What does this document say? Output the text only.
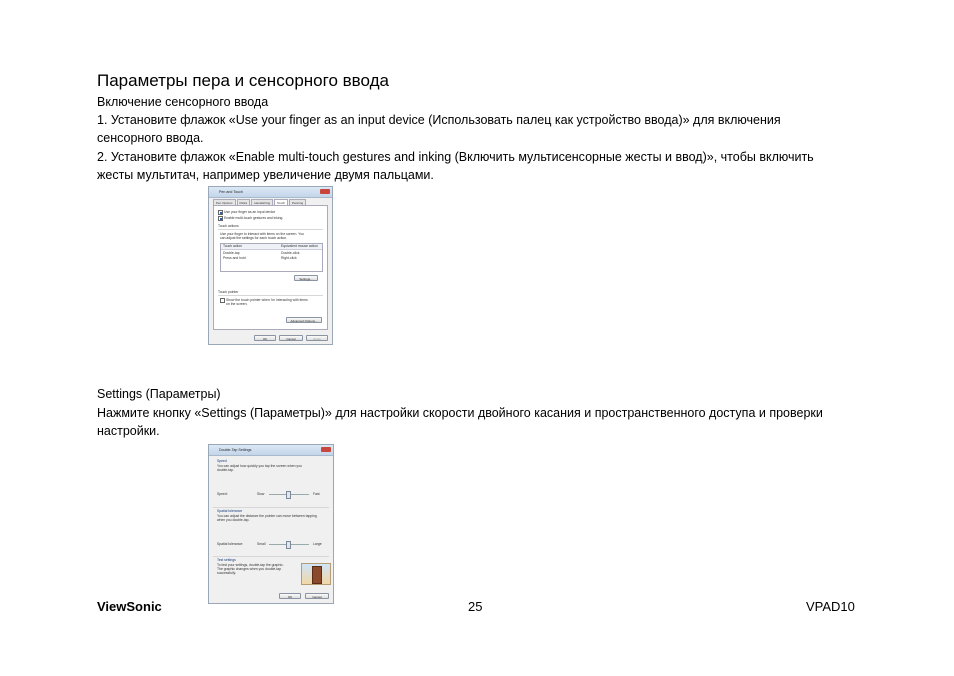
Параметры пера и сенсорного ввода
Включение сенсорного ввода
1. Установите флажок «Use your finger as an input device (Использовать палец как устройство ввода)» для включения
сенсорного ввода.
2. Установите флажок «Enable multi-touch gestures and inking (Включить мультисенсорные жесты и ввод)», чтобы включить
жесты мультитач, например увеличение двумя пальцами.
Pen and Touch
Pen Options	Flicks	Handwriting	Touch	Panning
Use your finger as an input device
Enable multi-touch gestures and inking
Touch actions
Use your finger to interact with items on the screen. You
can adjust the settings for each touch action.
Touch action	Equivalent mouse action
Double-tap	Double-click
Press and hold	Right-click
Settings...
Touch pointer
Show the touch pointer when I'm interacting with items
on the screen.
Advanced Options...
OK	Cancel	Apply
Settings (Параметры)
Нажмите кнопку «Settings (Параметры)» для настройки скорости двойного касания и пространственного доступа и проверки
настройки.
Double-Tap Settings
Speed
You can adjust how quickly you tap the screen when you
double-tap.
Speed:	Slow	Fast
Spatial tolerance
You can adjust the distance the pointer can move between tapping
when you double-tap.
Spatial tolerance:	Small	Large
Test settings
To test your settings, double-tap the graphic.
The graphic changes when you double-tap
successfully.
OK	Cancel
ViewSonic	25	VPAD10
